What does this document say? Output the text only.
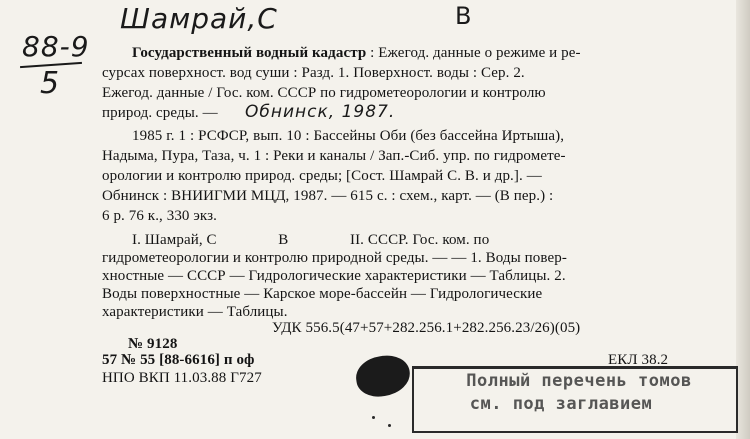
Шамрай,С	В
88-9
5
Государственный водный кадастр : Ежегод. данные о режиме и ре-
сурсах поверхност. вод суши : Разд. 1. Поверхност. воды : Сер. 2.
Ежегод. данные / Гос. ком. СССР по гидрометеорологии и контролю
природ. среды. — Обнинск, 1987.
1985 г. 1 : РСФСР, вып. 10 : Бассейны Оби (без бассейна Иртыша),
Надыма, Пура, Таза, ч. 1 : Реки и каналы / Зап.-Сиб. упр. по гидромете-
орологии и контролю природ. среды; [Сост. Шамрай С. В. и др.]. —
Обнинск : ВНИИГМИ МЦД, 1987. — 615 с. : схем., карт. — (В пер.) :
6 р. 76 к., 330 экз.
I. Шамрай, С                В                II. СССР. Гос. ком. по
гидрометеорологии и контролю природной среды. — — 1. Воды повер-
хностные — СССР — Гидрологические характеристики — Таблицы. 2.
Воды поверхностные — Карское море-бассейн — Гидрологические
характеристики — Таблицы.
УДК 556.5(47+57+282.256.1+282.256.23/26)(05)
№ 9128
57 № 55 [88-6616] п оф
НПО ВКП 11.03.88 Г727
ЕКЛ 38.2
Полный перечень томов
см. под заглавием
